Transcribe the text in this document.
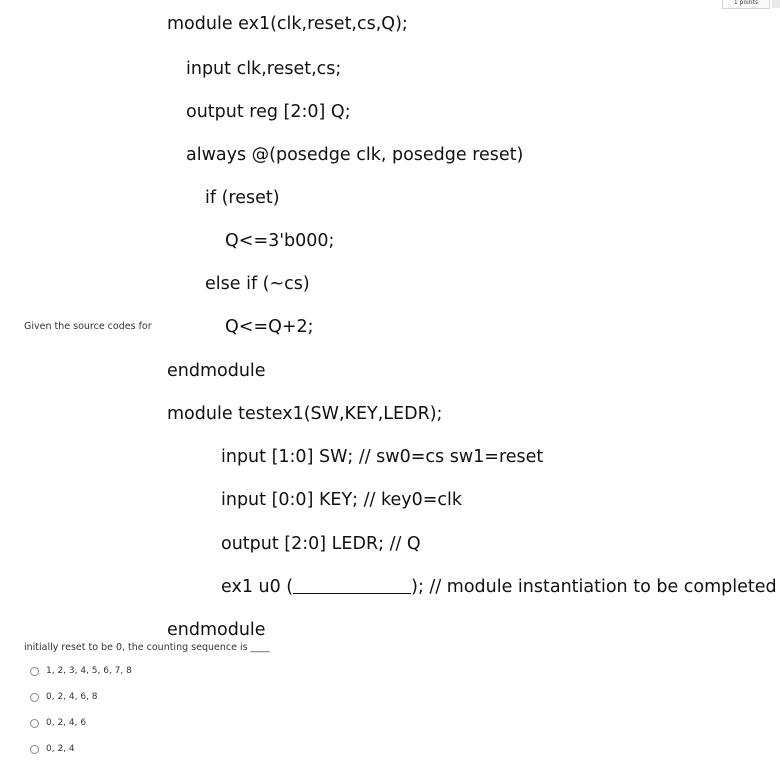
1 points
module ex1(clk,reset,cs,Q);
input clk,reset,cs;
output reg [2:0] Q;
always @(posedge clk, posedge reset)
if (reset)
Q<=3'b000;
else if (~cs)
Q<=Q+2;
endmodule
module testex1(SW,KEY,LEDR);
input [1:0] SW; // sw0=cs sw1=reset
input [0:0] KEY; // key0=clk
output [2:0] LEDR; // Q
ex1 u0 (	); // module instantiation to be completed
endmodule
Given the source codes for
initially reset to be 0, the counting sequence is ____
1, 2, 3, 4, 5, 6, 7, 8
0, 2, 4, 6, 8
0, 2, 4, 6
0, 2, 4
